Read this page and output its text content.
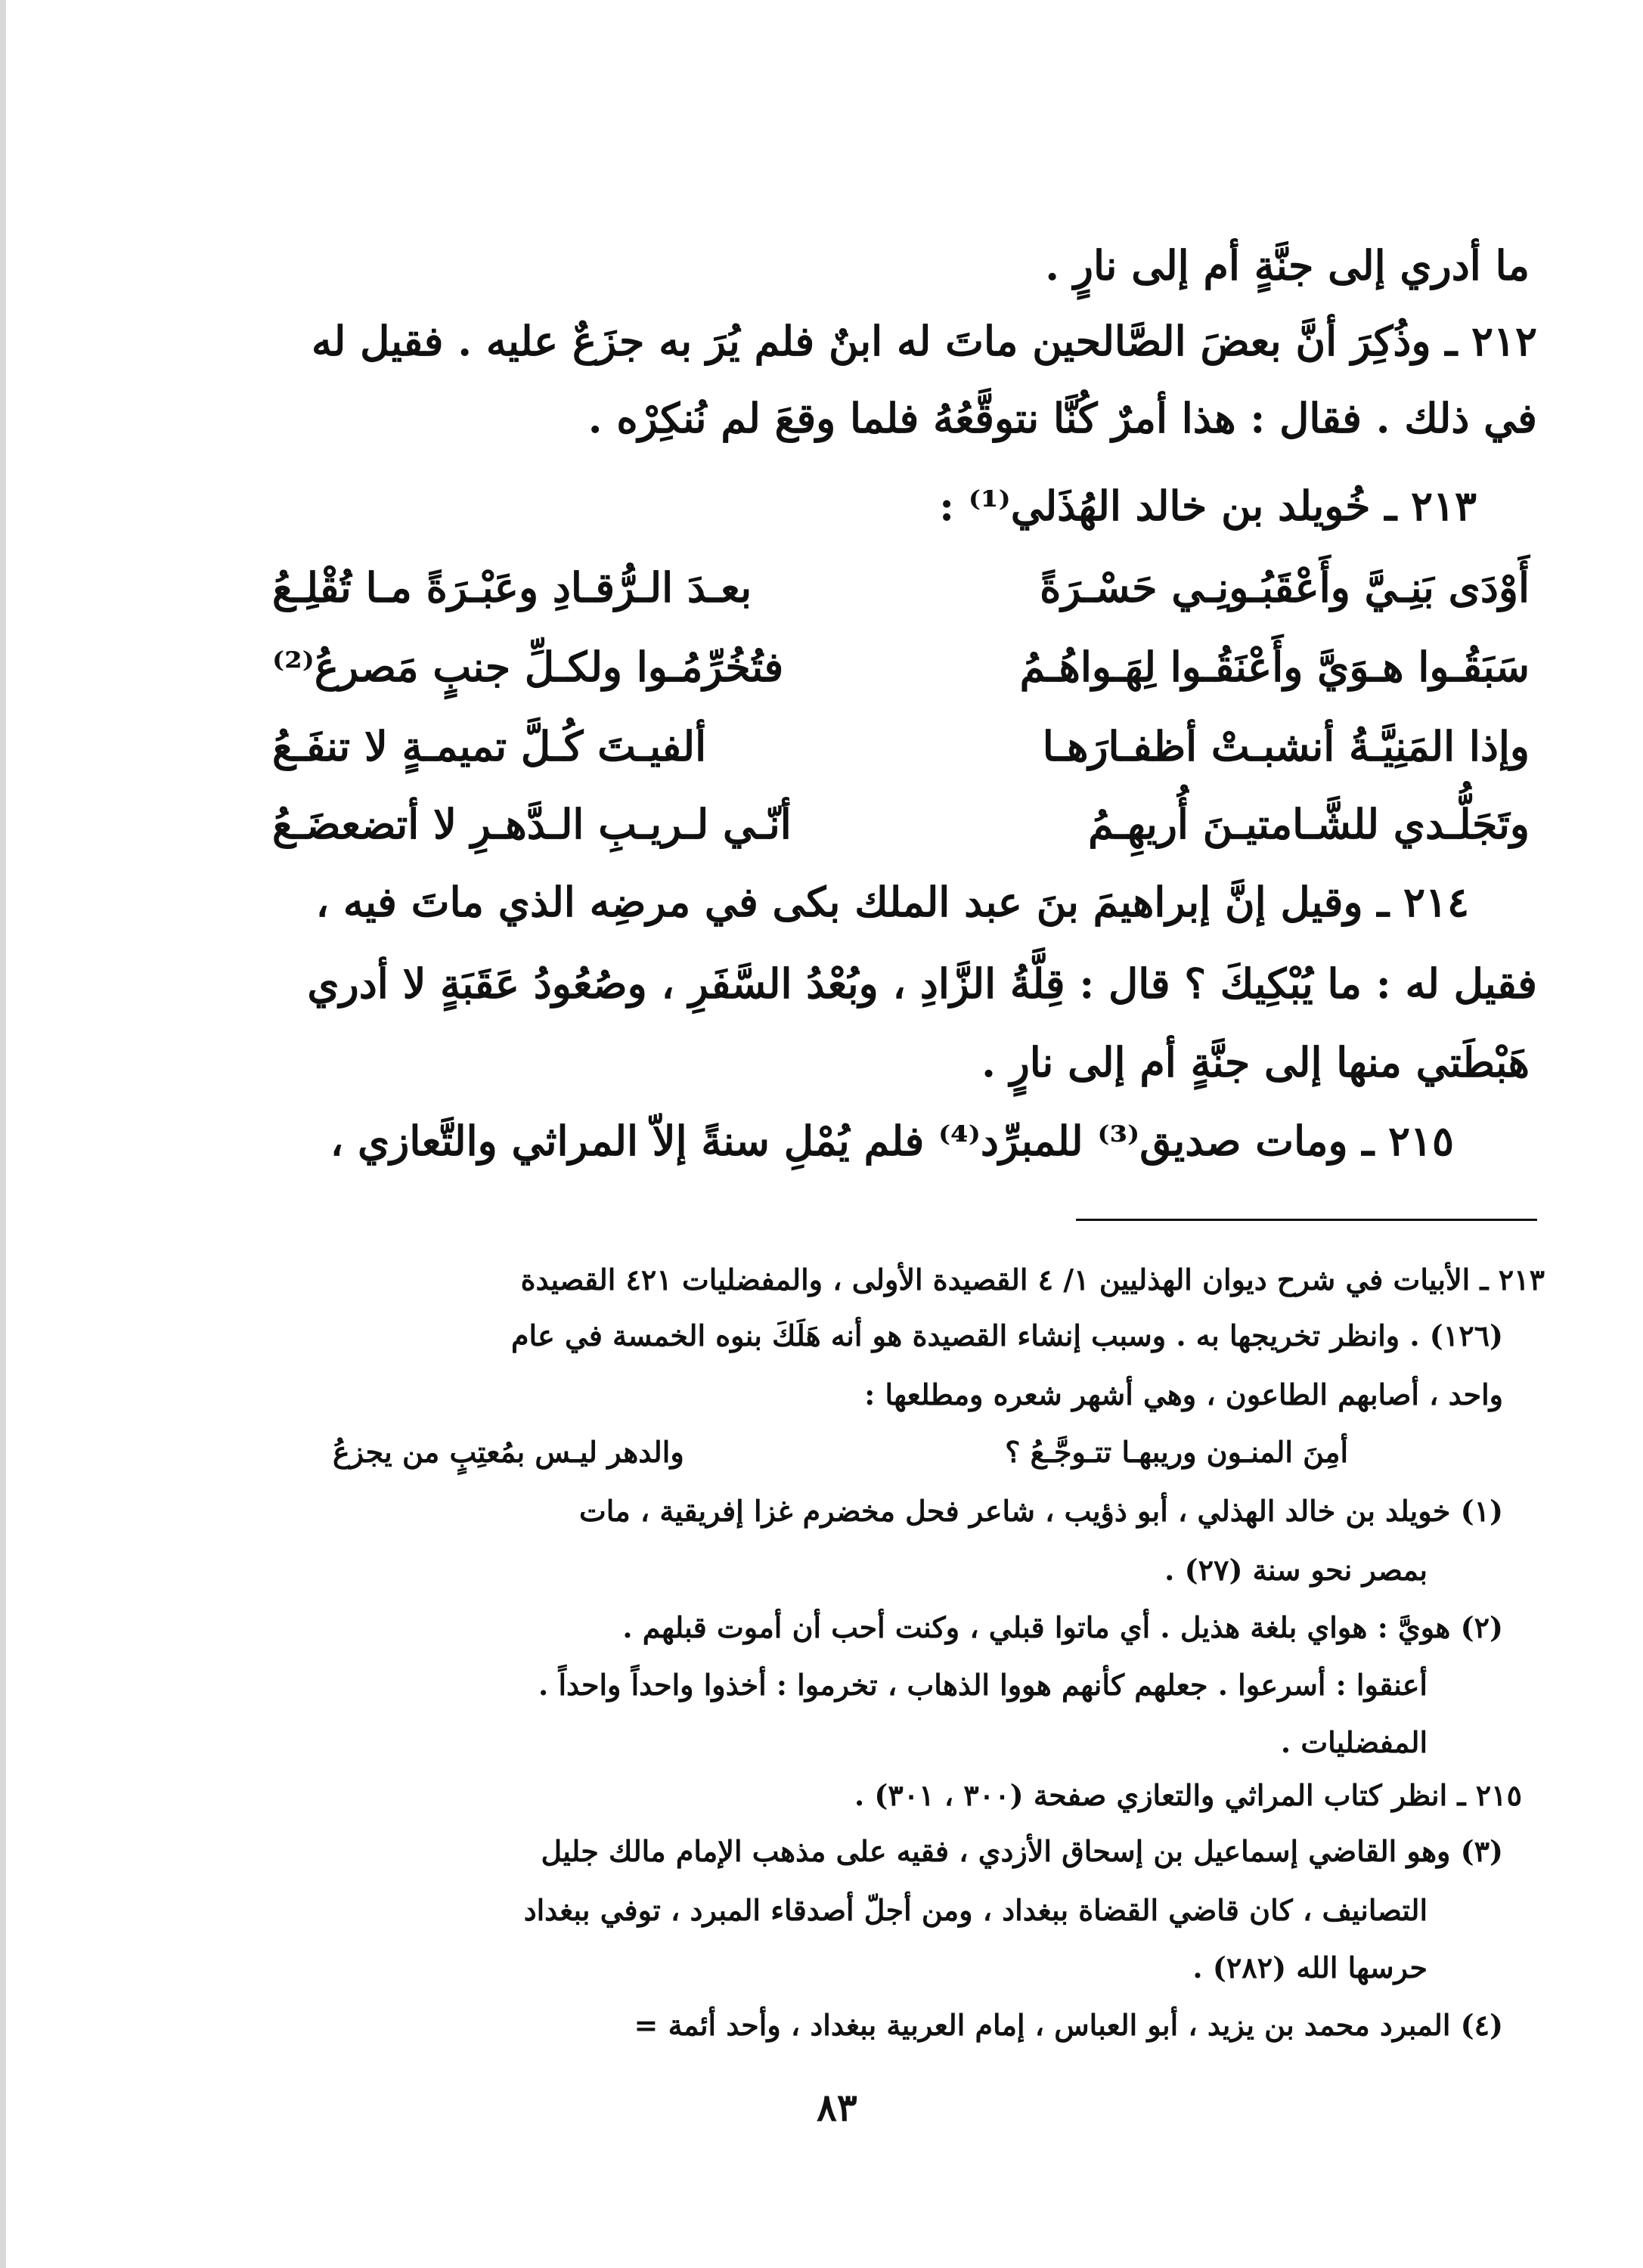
ما أدري إلى جنَّةٍ أم إلى نارٍ .
٢١٢ ـ وذُكِرَ أنَّ بعضَ الصَّالحين ماتَ له ابنٌ فلم يُرَ به جزَعٌ عليه . فقيل له
في ذلك . فقال : هذا أمرٌ كُنَّا نتوقَّعُهُ فلما وقعَ لم نُنكِرْه .
٢١٣ ـ خُويلد بن خالد الهُذَلي⁽¹⁾ :
أَوْدَى بَنِـيَّ وأَعْقَبُـونِـي حَسْـرَةً
بعـدَ الـرُّقـادِ وعَبْـرَةً مـا تُقْلِـعُ
سَبَقُـوا هـوَيَّ وأَعْنَقُـوا لِهَـواهُـمُ
فتُخُرِّمُـوا ولكـلِّ جنبٍ مَصرعُ⁽²⁾
وإذا المَنِيَّـةُ أنشبـتْ أظفـارَهـا
ألفيـتَ كُـلَّ تميمـةٍ لا تنفَـعُ
وتَجَلُّـدي للشَّـامتيـنَ أُريهِـمُ
أنّـي لـريـبِ الـدَّهـرِ لا أتضعضَـعُ
٢١٤ ـ وقيل إنَّ إبراهيمَ بنَ عبد الملك بكى في مرضِه الذي ماتَ فيه ،
فقيل له : ما يُبْكِيكَ ؟ قال : قِلَّةُ الزَّادِ ، وبُعْدُ السَّفَرِ ، وصُعُودُ عَقَبَةٍ لا أدري
هَبْطَتي منها إلى جنَّةٍ أم إلى نارٍ .
٢١٥ ـ ومات صديق⁽³⁾ للمبرِّد⁽⁴⁾ فلم يُمْلِ سنةً إلاّ المراثي والتَّعازي ،
٢١٣ ـ الأبيات في شرح ديوان الهذليين ١/ ٤ القصيدة الأولى ، والمفضليات ٤٢١ القصيدة
(١٢٦) . وانظر تخريجها به . وسبب إنشاء القصيدة هو أنه هَلَكَ بنوه الخمسة في عام
واحد ، أصابهم الطاعون ، وهي أشهر شعره ومطلعها :
أمِنَ المنـون وريبهـا تتـوجَّـعُ ؟
والدهر ليـس بمُعتِبٍ من يجزعُ
(١) خويلد بن خالد الهذلي ، أبو ذؤيب ، شاعر فحل مخضرم غزا إفريقية ، مات
بمصر نحو سنة (٢٧) .
(٢) هويَّ : هواي بلغة هذيل . أي ماتوا قبلي ، وكنت أحب أن أموت قبلهم .
أعنقوا : أسرعوا . جعلهم كأنهم هووا الذهاب ، تخرموا : أخذوا واحداً واحداً .
المفضليات .
٢١٥ ـ انظر كتاب المراثي والتعازي صفحة (٣٠٠ ، ٣٠١) .
(٣) وهو القاضي إسماعيل بن إسحاق الأزدي ، فقيه على مذهب الإمام مالك جليل
التصانيف ، كان قاضي القضاة ببغداد ، ومن أجلّ أصدقاء المبرد ، توفي ببغداد
حرسها الله (٢٨٢) .
(٤) المبرد محمد بن يزيد ، أبو العباس ، إمام العربية ببغداد ، وأحد أئمة =
٨٣
